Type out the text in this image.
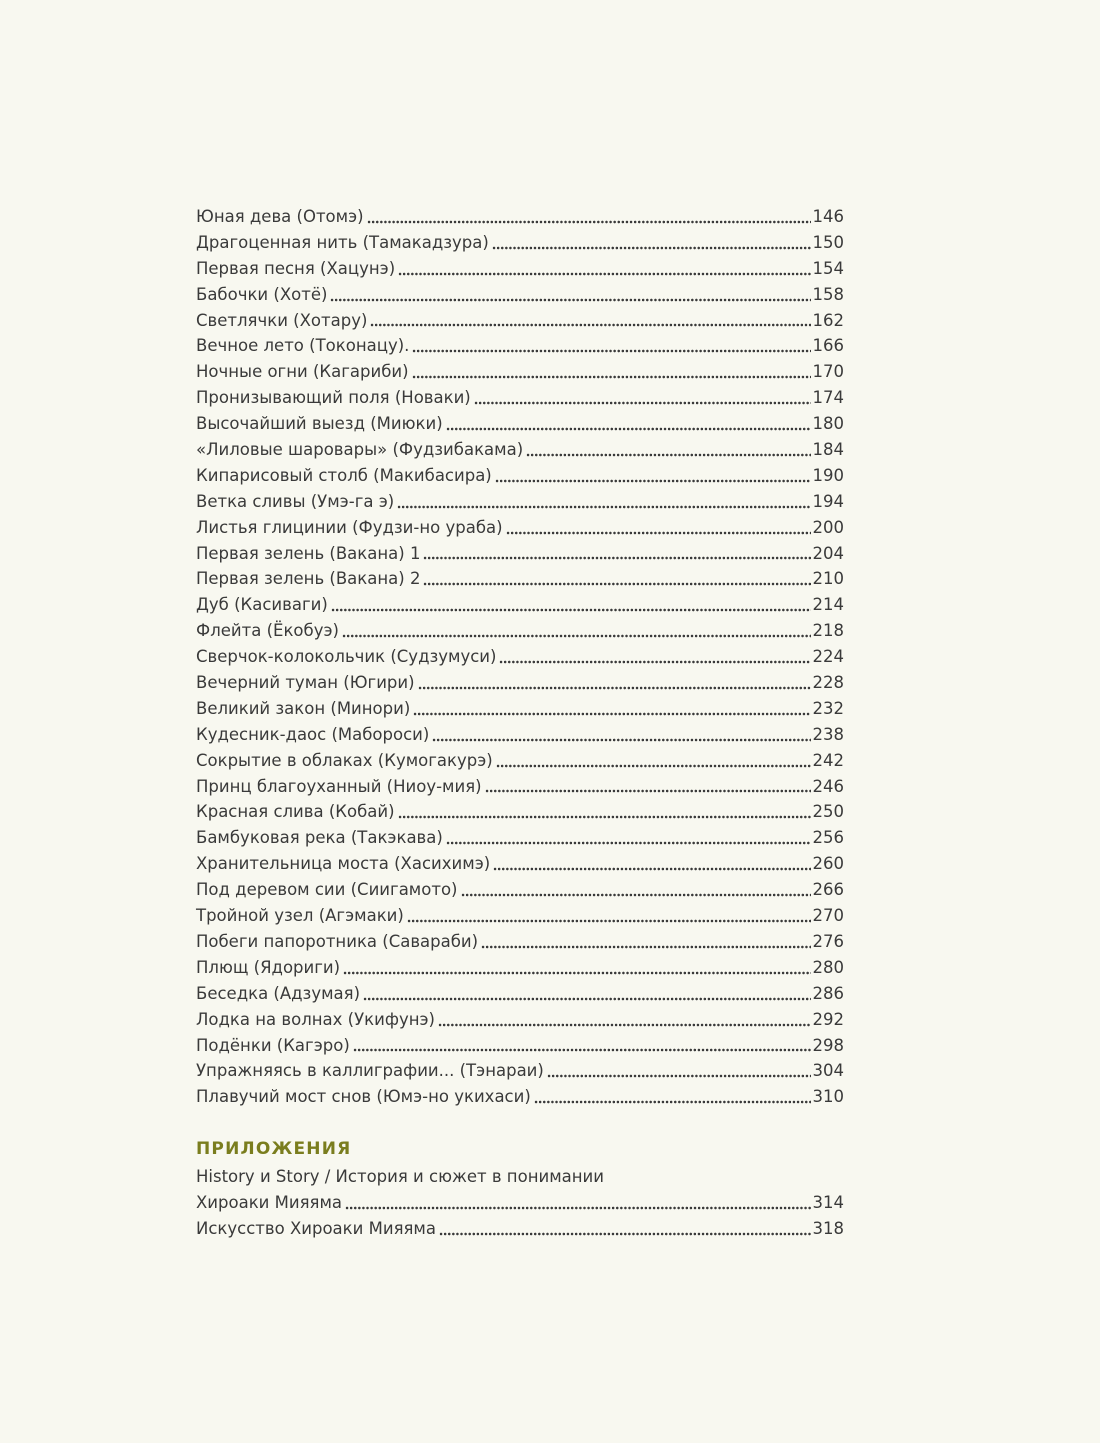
Юная дева (Отомэ)	146
Драгоценная нить (Тамакадзура)	150
Первая песня (Хацунэ)	154
Бабочки (Хотё)	158
Светлячки (Хотару)	162
Вечное лето (Токонацу).	166
Ночные огни (Кагариби)	170
Пронизывающий поля (Новаки)	174
Высочайший выезд (Миюки)	180
«Лиловые шаровары» (Фудзибакама)	184
Кипарисовый столб (Макибасира)	190
Ветка сливы (Умэ-га э)	194
Листья глицинии (Фудзи-но ураба)	200
Первая зелень (Вакана) 1	204
Первая зелень (Вакана) 2	210
Дуб (Касиваги)	214
Флейта (Ёкобуэ)	218
Сверчок-колокольчик (Судзумуси)	224
Вечерний туман (Югири)	228
Великий закон (Минори)	232
Кудесник-даос (Мабороси)	238
Сокрытие в облаках (Кумогакурэ)	242
Принц благоуханный (Ниоу-мия)	246
Красная слива (Кобай)	250
Бамбуковая река (Такэкава)	256
Хранительница моста (Хасихимэ)	260
Под деревом сии (Сиигамото)	266
Тройной узел (Агэмаки)	270
Побеги папоротника (Савараби)	276
Плющ (Ядориги)	280
Беседка (Адзумая)	286
Лодка на волнах (Укифунэ)	292
Подёнки (Кагэро)	298
Упражняясь в каллиграфии... (Тэнараи)	304
Плавучий мост снов (Юмэ-но укихаси)	310
ПРИЛОЖЕНИЯ
History и Story / История и сюжет в понимании
Хироаки Мияяма	314
Искусство Хироаки Мияяма	318
